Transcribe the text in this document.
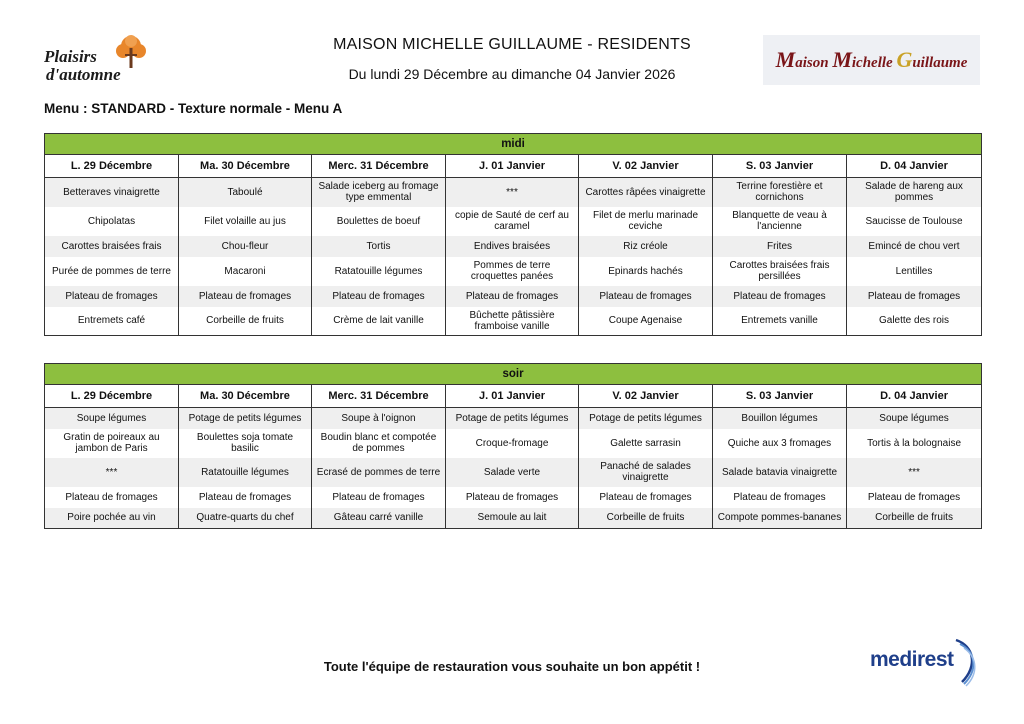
Plaisirs
d'automne
MAISON MICHELLE GUILLAUME - RESIDENTS
Du lundi 29 Décembre au dimanche 04 Janvier 2026
Maison Michelle Guillaume
Menu : STANDARD - Texture normale - Menu A
midi						
L. 29 Décembre	Ma. 30 Décembre	Merc. 31 Décembre	J. 01 Janvier	V. 02 Janvier	S. 03 Janvier	D. 04 Janvier
Betteraves vinaigrette	Taboulé	Salade iceberg au fromage type emmental	***	Carottes râpées vinaigrette	Terrine forestière et cornichons	Salade de hareng aux pommes
Chipolatas	Filet volaille au jus	Boulettes de boeuf	copie de Sauté de cerf au caramel	Filet de merlu marinade ceviche	Blanquette de veau à l'ancienne	Saucisse de Toulouse
Carottes braisées frais	Chou-fleur	Tortis	Endives braisées	Riz créole	Frites	Emincé de chou vert
Purée de pommes de terre	Macaroni	Ratatouille légumes	Pommes de terre croquettes panées	Epinards hachés	Carottes braisées frais persillées	Lentilles
Plateau de fromages	Plateau de fromages	Plateau de fromages	Plateau de fromages	Plateau de fromages	Plateau de fromages	Plateau de fromages
Entremets café	Corbeille de fruits	Crème de lait vanille	Bûchette pâtissière framboise vanille	Coupe Agenaise	Entremets vanille	Galette des rois
soir						
L. 29 Décembre	Ma. 30 Décembre	Merc. 31 Décembre	J. 01 Janvier	V. 02 Janvier	S. 03 Janvier	D. 04 Janvier
Soupe légumes	Potage de petits légumes	Soupe à l'oignon	Potage de petits légumes	Potage de petits légumes	Bouillon légumes	Soupe légumes
Gratin de poireaux au jambon de Paris	Boulettes soja tomate basilic	Boudin blanc et compotée de pommes	Croque-fromage	Galette sarrasin	Quiche aux 3 fromages	Tortis à la bolognaise
***	Ratatouille légumes	Ecrasé de pommes de terre	Salade verte	Panaché de salades vinaigrette	Salade batavia vinaigrette	***
Plateau de fromages	Plateau de fromages	Plateau de fromages	Plateau de fromages	Plateau de fromages	Plateau de fromages	Plateau de fromages
Poire pochée au vin	Quatre-quarts du chef	Gâteau carré vanille	Semoule au lait	Corbeille de fruits	Compote pommes-bananes	Corbeille de fruits
Toute l'équipe de restauration vous souhaite un bon appétit !	medirest
